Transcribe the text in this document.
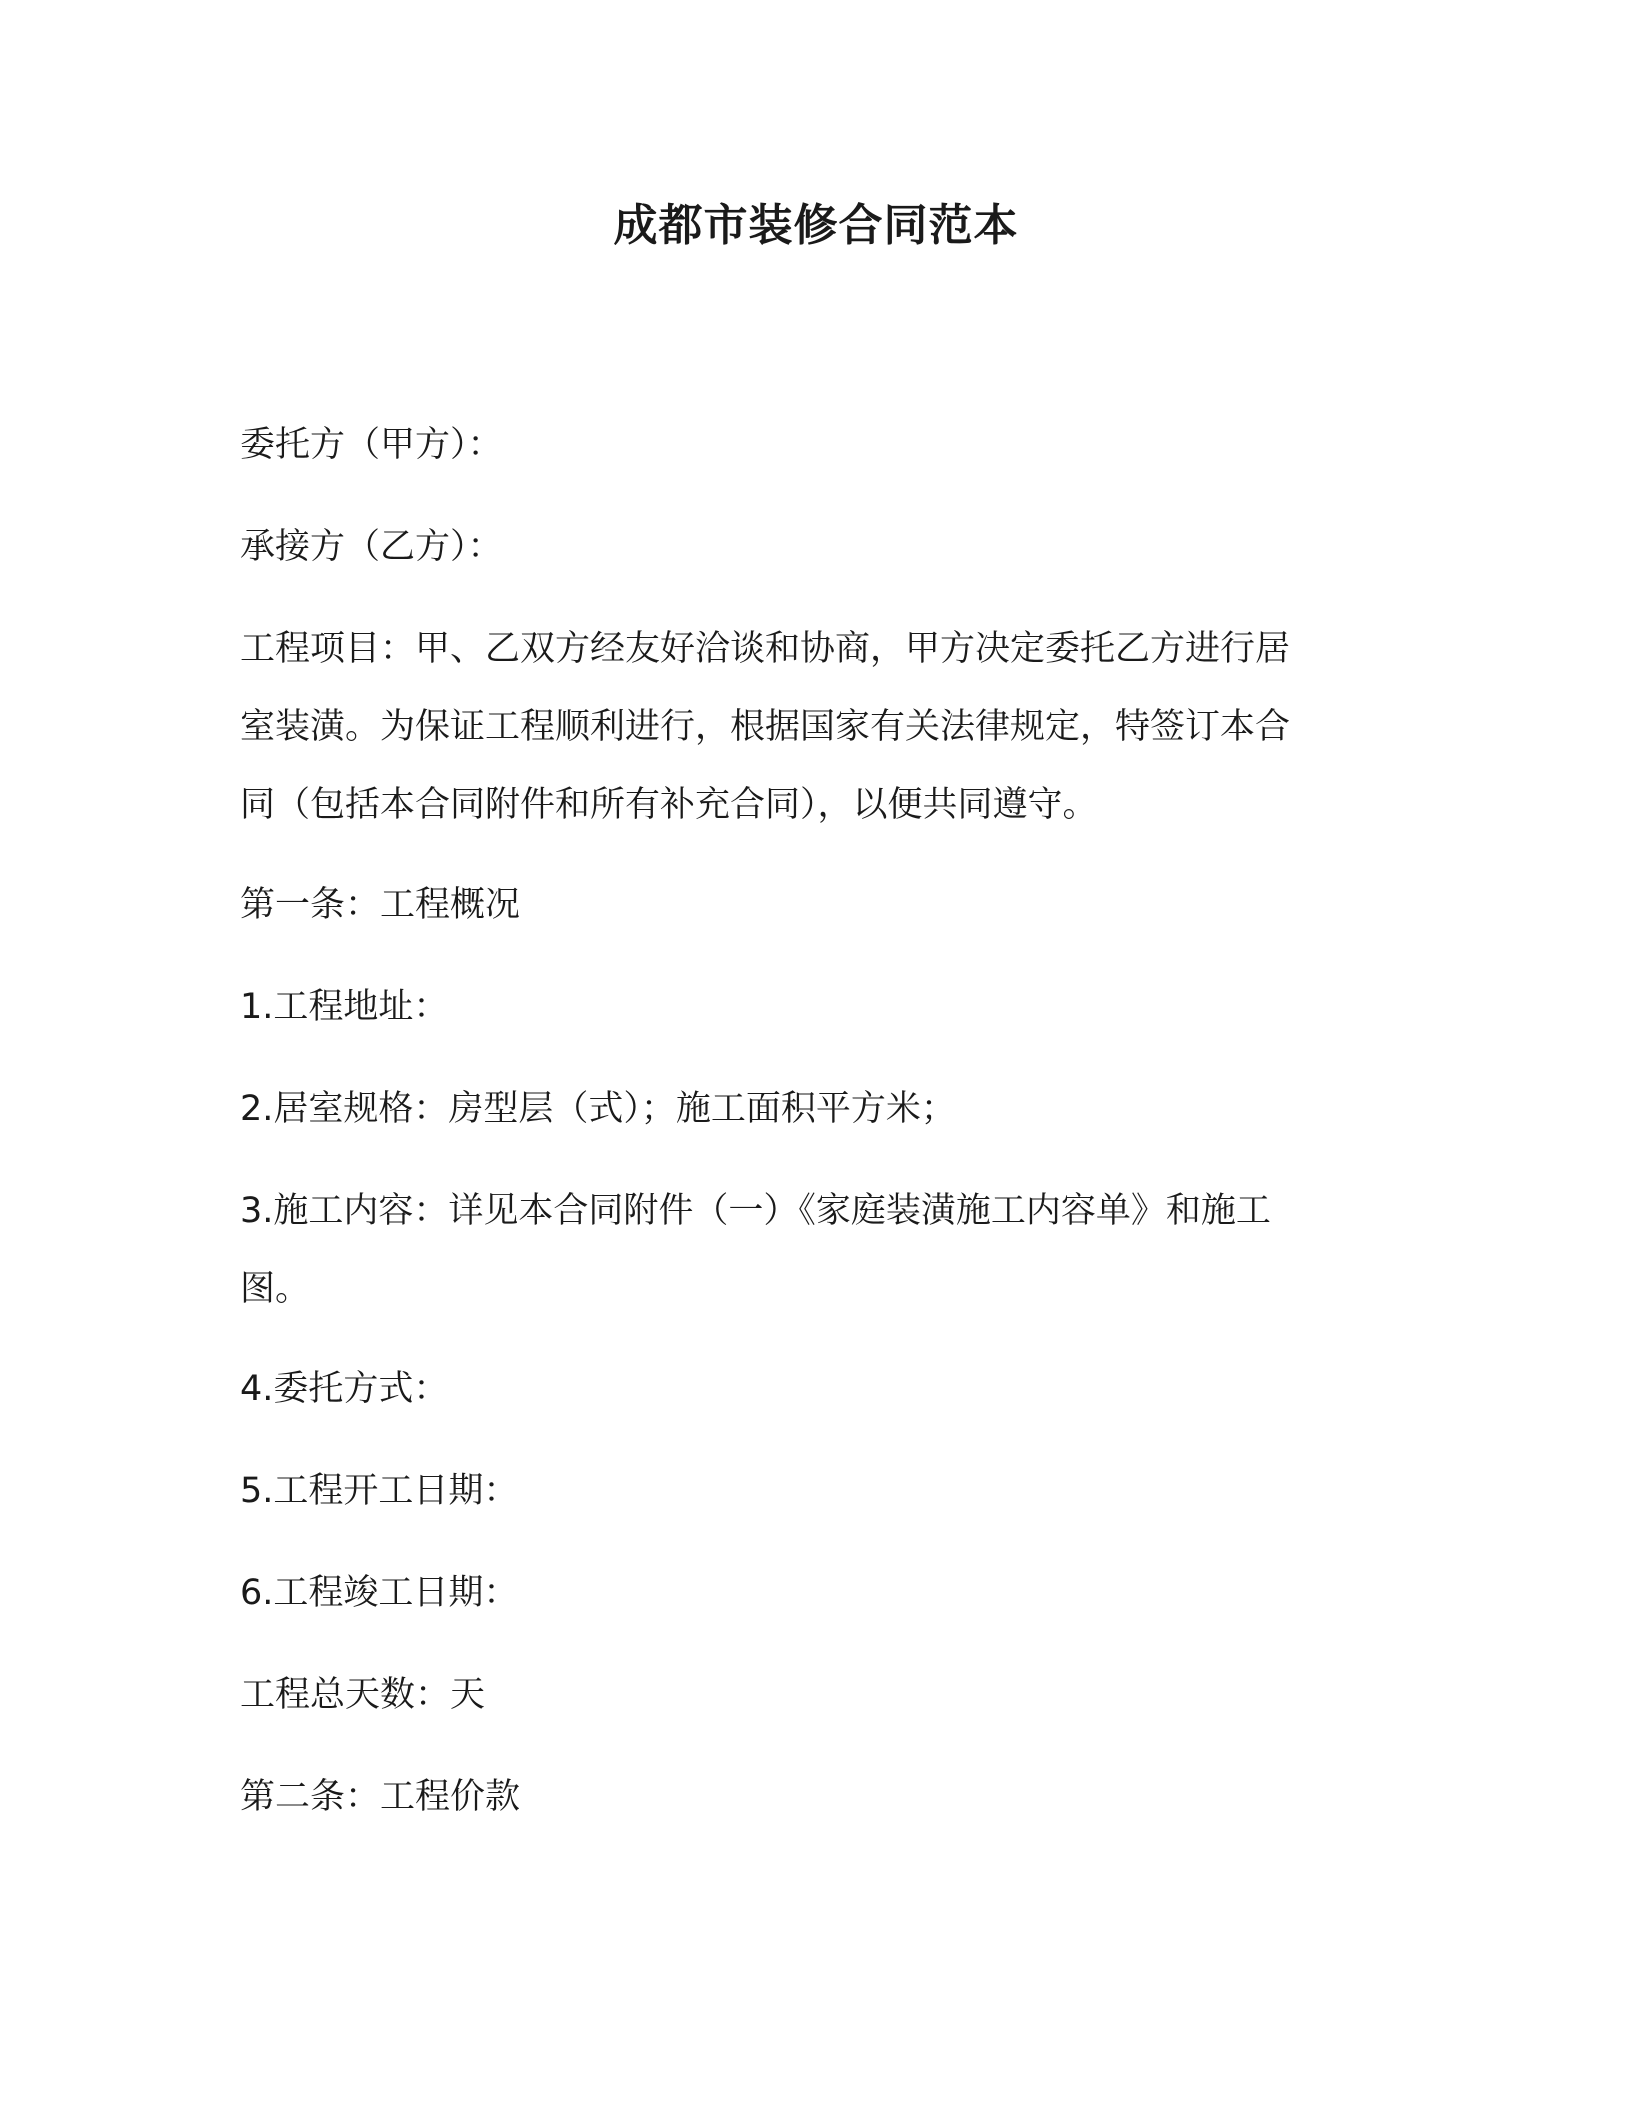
成都市装修合同范本

委托方（甲方）：

承接方（乙方）：

工程项目：甲、乙双方经友好洽谈和协商，甲方决定委托乙方进行居
室装潢。为保证工程顺利进行，根据国家有关法律规定，特签订本合
同（包括本合同附件和所有补充合同），以便共同遵守。

第一条：工程概况

1.工程地址：

2.居室规格：房型层（式）；施工面积平方米；

3.施工内容：详见本合同附件（一）《家庭装潢施工内容单》和施工
图。

4.委托方式：

5.工程开工日期：

6.工程竣工日期：

工程总天数：天

第二条：工程价款
